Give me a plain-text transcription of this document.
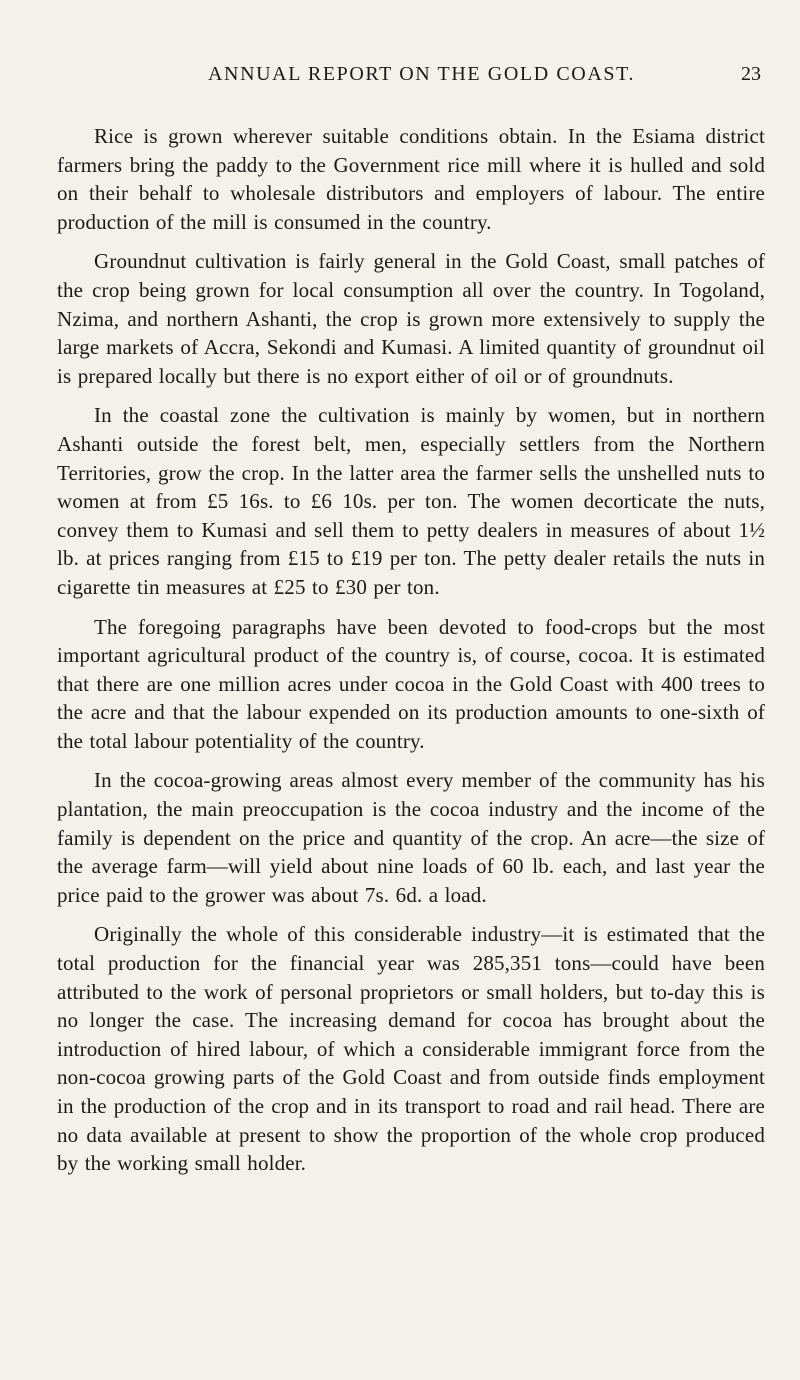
ANNUAL REPORT ON THE GOLD COAST.	23

Rice is grown wherever suitable conditions obtain. In the Esiama district farmers bring the paddy to the Government rice mill where it is hulled and sold on their behalf to wholesale distributors and employers of labour. The entire production of the mill is consumed in the country.

Groundnut cultivation is fairly general in the Gold Coast, small patches of the crop being grown for local consumption all over the country. In Togoland, Nzima, and northern Ashanti, the crop is grown more extensively to supply the large markets of Accra, Sekondi and Kumasi. A limited quantity of groundnut oil is prepared locally but there is no export either of oil or of groundnuts.

In the coastal zone the cultivation is mainly by women, but in northern Ashanti outside the forest belt, men, especially settlers from the Northern Territories, grow the crop. In the latter area the farmer sells the unshelled nuts to women at from £5 16s. to £6 10s. per ton. The women decorticate the nuts, convey them to Kumasi and sell them to petty dealers in measures of about 1½ lb. at prices ranging from £15 to £19 per ton. The petty dealer retails the nuts in cigarette tin measures at £25 to £30 per ton.

The foregoing paragraphs have been devoted to food-crops but the most important agricultural product of the country is, of course, cocoa. It is estimated that there are one million acres under cocoa in the Gold Coast with 400 trees to the acre and that the labour expended on its production amounts to one-sixth of the total labour potentiality of the country.

In the cocoa-growing areas almost every member of the community has his plantation, the main preoccupation is the cocoa industry and the income of the family is dependent on the price and quantity of the crop. An acre—the size of the average farm—will yield about nine loads of 60 lb. each, and last year the price paid to the grower was about 7s. 6d. a load.

Originally the whole of this considerable industry—it is estimated that the total production for the financial year was 285,351 tons—could have been attributed to the work of personal proprietors or small holders, but to-day this is no longer the case. The increasing demand for cocoa has brought about the introduction of hired labour, of which a considerable immigrant force from the non-cocoa growing parts of the Gold Coast and from outside finds employment in the production of the crop and in its transport to road and rail head. There are no data available at present to show the proportion of the whole crop produced by the working small holder.
